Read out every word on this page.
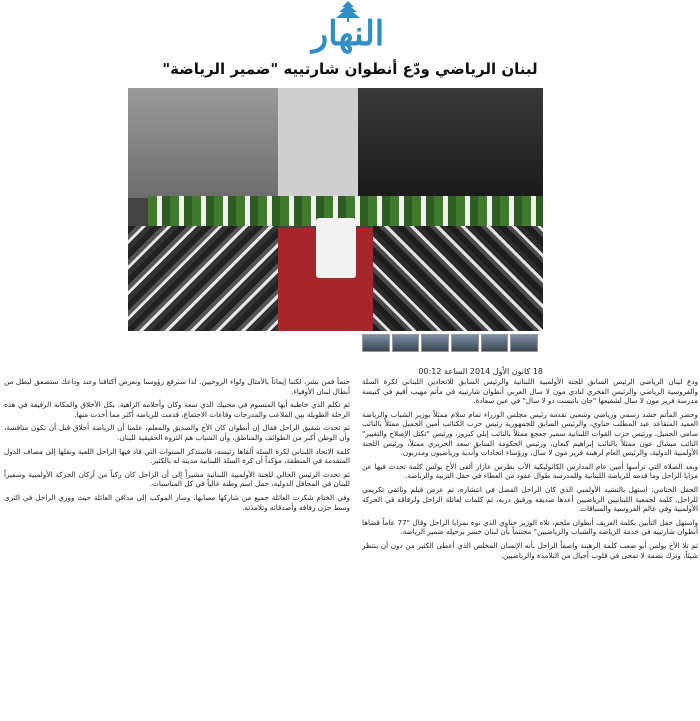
النهار
لبنان الرياضي ودّع أنطوان شارتييه "ضمير الرياضة"
18 كانون الأول 2014 الساعة 00:12

ودع لبنان الرياضي الرئيس السابق للجنة الأولمبية اللبنانية والرئيس السابق للاتحادين اللبناني لكرة السلة والفروسية الرياضي والرئيس الفخري لنادي مون لا سال العربي أنطوان شارتييه في مأتم مهيب أقيم في كنيسة مدرسة فرير مون لا سال لشفيعها "جان باتيست دو لا سال" في عين سعادة.

وحضر المأتم حشد رسمي ورياضي وشعبي تقدمه رئيس مجلس الوزراء تمام سلام ممثلاً بوزير الشباب والرياضة العميد المتقاعد عبد المطلب حناوي، والرئيس السابق للجمهورية رئيس حزب الكتائب أمين الجميل ممثلاً بالنائب سامي الجميل، ورئيس حزب القوات اللبنانية سمير جعجع ممثلاً بالنائب إيلي كيروز، ورئيس "تكتل الإصلاح والتغيير" النائب ميشال عون ممثلاً بالنائب إبراهيم كنعان، ورئيس الحكومة السابق سعد الحريري ممثلاً، ورئيس اللجنة الأولمبية الدولية، والرئيس العام لرهبنة فرير مون لا سال، ورؤساء اتحادات وأندية ورياضيون ومدربون.

وبعد الصلاة التي ترأسها أمين عام المدارس الكاثوليكية الأب بطرس عازار ألقى الأخ بولس كلمة تحدث فيها عن مزايا الراحل وما قدمه للرياضة اللبنانية وللمدرسة طوال عقود من العطاء في حقل التربية والرياضة.

الحفل الختامي: استهل بالنشيد الأولمبي الذي كان الراحل الفضل في انتشاره، ثم عرض فيلم وثائقي تكريمي للراحل. كلمة لجمعية اللبنانيين الرياضيين أعدها صديقه ورفيق دربه، ثم كلمات لعائلة الراحل ولرفاقه في الحركة الأولمبية وفي عالم الفروسية والسباقات.

واستهل حفل التأبين بكلمة العريف أنطوان ملحم، تلاه الوزير حناوي الذي نوه بمزايا الراحل وقال "77 عاماً قضاها أنطوان شارتييه في خدمة الرياضة والشباب والرياضيين" مختتماً بأن لبنان خسر برحيله ضمير الرياضة.

ثم تلا الأخ بولس أبو صعب كلمة الرهبنة واصفاً الراحل بأنه الإنسان المخلص الذي أعطى الكثير من دون أن ينتظر شيئاً، وترك بصمة لا تمحى في قلوب أجيال من التلامذة والرياضيين.

حتماً فمن بشر، لكننا إيماناً بالأمثال ولواء الروحيين. لذا سنرفع رؤوسنا ونعرض أكتافنا وعند وداعك ستصفق لبطل من أبطال لبنان الأوفياء.

ثم تكلم الذي خاطبه أيها المتسوم في محبيك الذي سعة وكان وأحلامه الزاهية. يكل الأخلاق والمكانة الرفيعة في هذه الرحلة الطويلة بين الملاعب والمدرجات وقاعات الاجتماع، قدمت للرياضة أكثر مما أخذت منها.

ثم تحدث شقيق الراحل فقال إن أنطوان كان الأخ والصديق والمعلم، علمنا أن الرياضة أخلاق قبل أن تكون منافسة، وأن الوطن أكبر من الطوائف والمناطق، وأن الشباب هم الثروة الحقيقية للبنان.

كلمة الاتحاد اللبناني لكرة السلة ألقاها رئيسه، فاستذكر السنوات التي قاد فيها الراحل اللعبة ونقلها إلى مصاف الدول المتقدمة في المنطقة، مؤكداً أن كرة السلة اللبنانية مدينة له بالكثير.

ثم تحدث الرئيس الحالي للجنة الأولمبية اللبنانية مشيراً إلى أن الراحل كان ركناً من أركان الحركة الأولمبية وسفيراً للبنان في المحافل الدولية، حمل اسم وطنه عالياً في كل المناسبات.

وفي الختام شكرت العائلة جميع من شاركها مصابها، وسار الموكب إلى مدافن العائلة حيث ووري الراحل في الثرى وسط حزن رفاقه وأصدقائه وتلامذته.
